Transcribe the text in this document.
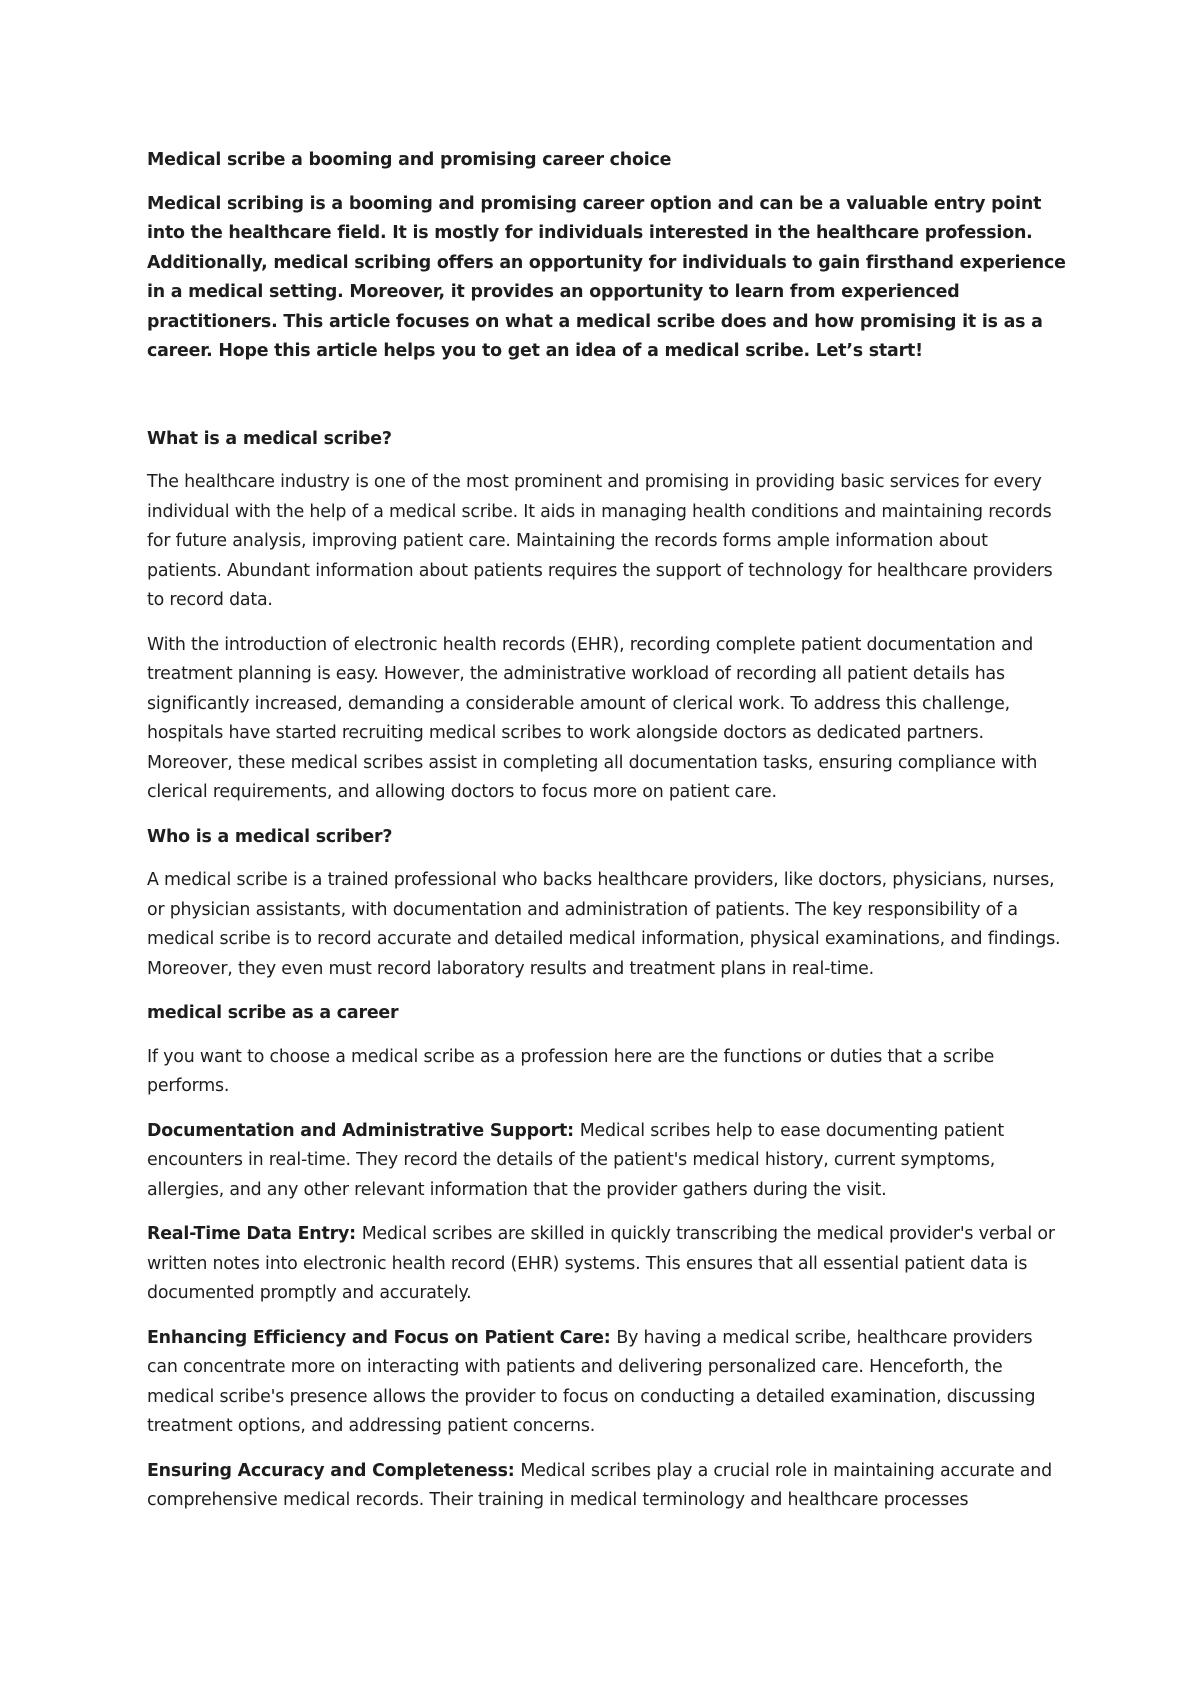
Medical scribe a booming and promising career choice

Medical scribing is a booming and promising career option and can be a valuable entry point into the healthcare field. It is mostly for individuals interested in the healthcare profession. Additionally, medical scribing offers an opportunity for individuals to gain firsthand experience in a medical setting. Moreover, it provides an opportunity to learn from experienced practitioners. This article focuses on what a medical scribe does and how promising it is as a career. Hope this article helps you to get an idea of a medical scribe. Let’s start!

What is a medical scribe?

The healthcare industry is one of the most prominent and promising in providing basic services for every individual with the help of a medical scribe. It aids in managing health conditions and maintaining records for future analysis, improving patient care. Maintaining the records forms ample information about patients. Abundant information about patients requires the support of technology for healthcare providers to record data.

With the introduction of electronic health records (EHR), recording complete patient documentation and treatment planning is easy. However, the administrative workload of recording all patient details has significantly increased, demanding a considerable amount of clerical work. To address this challenge, hospitals have started recruiting medical scribes to work alongside doctors as dedicated partners. Moreover, these medical scribes assist in completing all documentation tasks, ensuring compliance with clerical requirements, and allowing doctors to focus more on patient care.

Who is a medical scriber?

A medical scribe is a trained professional who backs healthcare providers, like doctors, physicians, nurses, or physician assistants, with documentation and administration of patients. The key responsibility of a medical scribe is to record accurate and detailed medical information, physical examinations, and findings. Moreover, they even must record laboratory results and treatment plans in real-time.

medical scribe as a career

If you want to choose a medical scribe as a profession here are the functions or duties that a scribe performs.

Documentation and Administrative Support: Medical scribes help to ease documenting patient encounters in real-time. They record the details of the patient's medical history, current symptoms, allergies, and any other relevant information that the provider gathers during the visit.

Real-Time Data Entry: Medical scribes are skilled in quickly transcribing the medical provider's verbal or written notes into electronic health record (EHR) systems. This ensures that all essential patient data is documented promptly and accurately.

Enhancing Efficiency and Focus on Patient Care: By having a medical scribe, healthcare providers can concentrate more on interacting with patients and delivering personalized care. Henceforth, the medical scribe's presence allows the provider to focus on conducting a detailed examination, discussing treatment options, and addressing patient concerns.

Ensuring Accuracy and Completeness: Medical scribes play a crucial role in maintaining accurate and comprehensive medical records. Their training in medical terminology and healthcare processes
